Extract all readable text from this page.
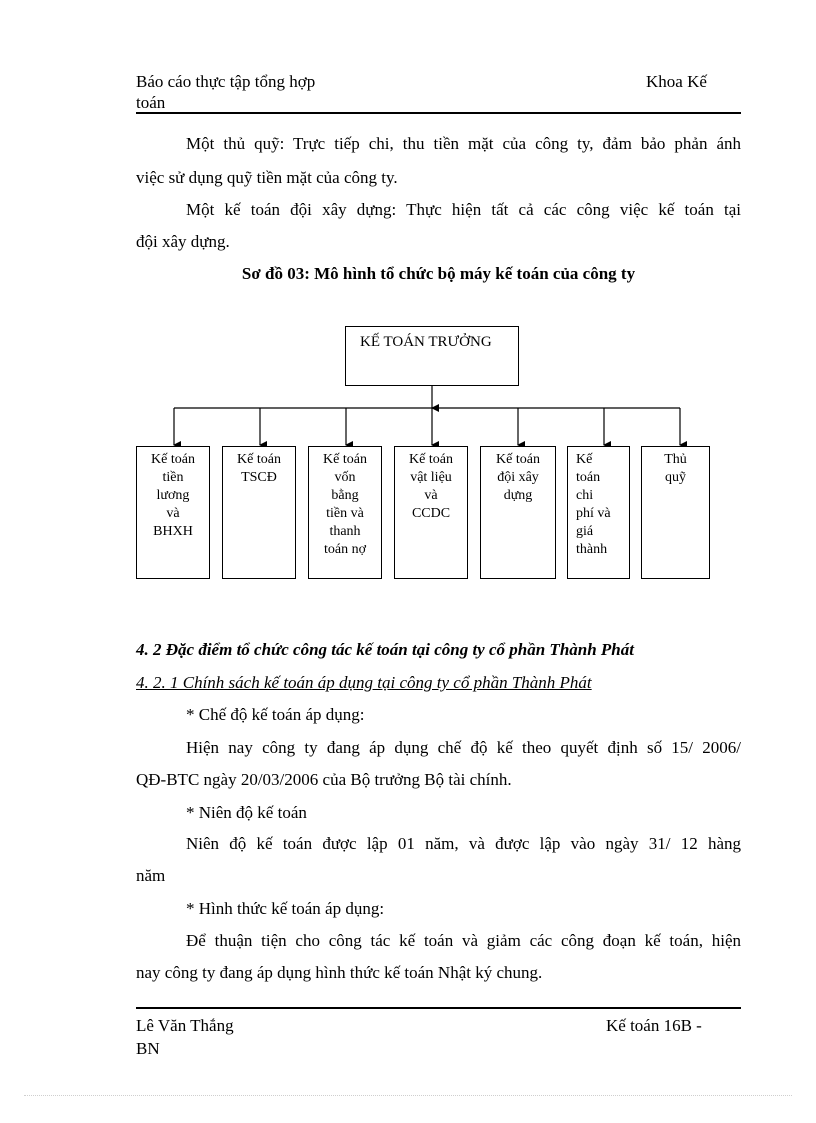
Báo cáo thực tập tổng hợp
toán
Khoa Kế
Một thủ quỹ: Trực tiếp chi, thu tiền mặt của công ty, đảm bảo phản ánh
việc sử dụng quỹ tiền mặt của công ty.
Một kế toán đội xây dựng: Thực hiện tất cả các công việc kế toán tại
đội xây dựng.
Sơ đồ 03: Mô hình tổ chức bộ máy kế toán của công ty
KẾ TOÁN TRƯỞNG
Kế toán
tiền
lương
và
BHXH
Kế toán
TSCĐ
Kế toán
vốn
bằng
tiền và
thanh
toán nợ
Kế toán
vật liệu
và
CCDC
Kế toán
đội xây
dựng
Kế
toán
chi
phí và
giá
thành
Thủ
quỹ
4. 2 Đặc điểm tổ chức công tác kế toán tại công ty cổ phần Thành Phát
4. 2. 1 Chính sách kế toán áp dụng tại công ty cổ phần Thành Phát
* Chế độ kế toán áp dụng:
Hiện nay công ty đang áp dụng chế độ kế theo quyết định số 15/ 2006/
QĐ-BTC ngày 20/03/2006 của Bộ trưởng Bộ tài chính.
* Niên độ kế toán
Niên độ kế toán được lập 01 năm, và được lập vào ngày 31/ 12 hàng
năm
* Hình thức kế toán áp dụng:
Để thuận tiện cho công tác kế toán và giảm các công đoạn kế toán, hiện
nay công ty đang áp dụng hình thức kế toán Nhật ký chung.
Lê Văn Thắng
BN
Kế toán 16B -
